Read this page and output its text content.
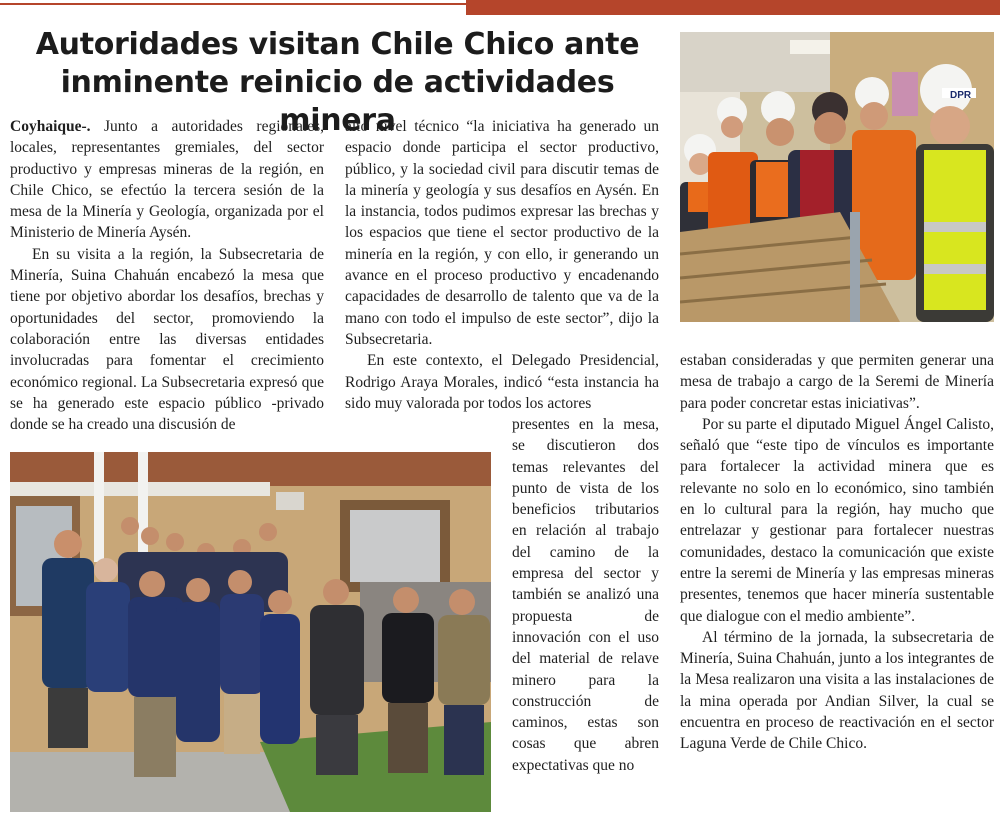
Autoridades visitan Chile Chico ante inminente reinicio de actividades minera

Coyhaique-. Junto a autoridades regionales, locales, representantes gremiales, del sector productivo y empresas mineras de la región, en Chile Chico, se efectúo la tercera sesión de la mesa de la Minería y Geología, organizada por el Ministerio de Minería Aysén.

En su visita a la región, la Subsecretaria de Minería, Suina Chahuán encabezó la mesa que tiene por objetivo abordar los desafíos, brechas y oportunidades del sector, promoviendo la colaboración entre las diversas entidades involucradas para fomentar el crecimiento económico regional. La Subsecretaria expresó que se ha generado este espacio público -privado donde se ha creado una discusión de

alto nivel técnico “la iniciativa ha generado un espacio donde participa el sector productivo, público, y la sociedad civil para discutir temas de la minería y geología y sus desafíos en Aysén. En la instancia, todos pudimos expresar las brechas y los espacios que tiene el sector productivo de la minería en la región, y con ello, ir generando un avance en el proceso productivo y encadenando capacidades de desarrollo de talento que va de la mano con todo el impulso de este sector”, dijo la Subsecretaria.

En este contexto, el Delegado Presidencial, Rodrigo Araya Morales, indicó “esta instancia ha sido muy valorada por todos los actores

presentes en la mesa, se discutieron dos temas relevantes del punto de vista de los beneficios tributarios en relación al trabajo del camino de la empresa del sector y también se analizó una propuesta de innovación con el uso del material de relave minero para la construcción de caminos, estas son cosas que abren expectativas que no

estaban consideradas y que permiten generar una mesa de trabajo a cargo de la Seremi de Minería para poder concretar estas iniciativas”.

Por su parte el diputado Miguel Ángel Calisto, señaló que “este tipo de vínculos es importante para fortalecer la actividad minera que es relevante no solo en lo económico, sino también en lo cultural para la región, hay mucho que entrelazar y gestionar para fortalecer nuestras comunidades, destaco la comunicación que existe entre la seremi de Minería y las empresas mineras presentes, tenemos que hacer minería sustentable que dialogue con el medio ambiente”.

Al término de la jornada, la subsecretaria de Minería, Suina Chahuán, junto a los integrantes de la Mesa realizaron una visita a las instalaciones de la mina operada por Andian Silver, la cual se encuentra en proceso de reactivación en el sector Laguna Verde de Chile Chico.

DPR
